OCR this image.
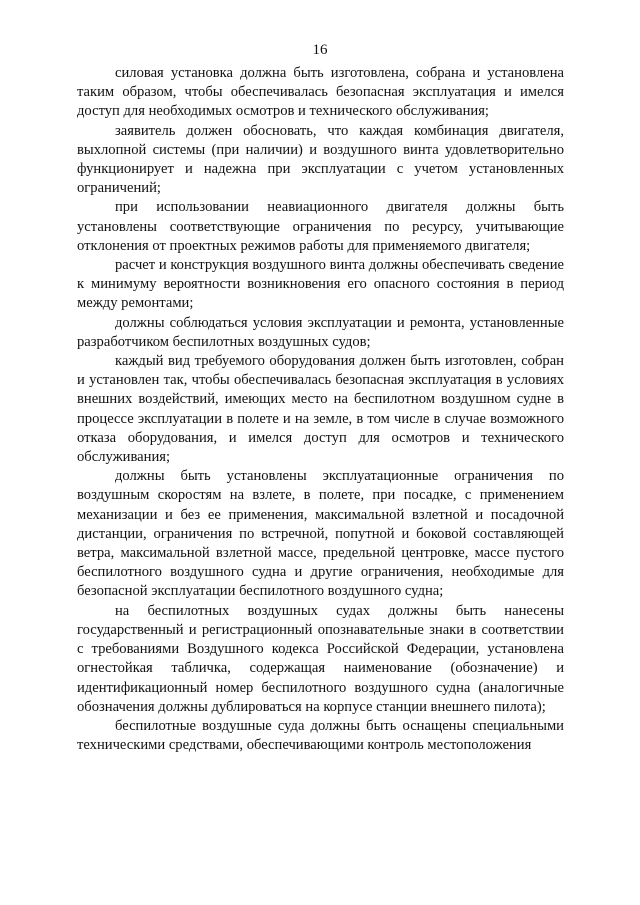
16

силовая установка должна быть изготовлена, собрана и установлена таким образом, чтобы обеспечивалась безопасная эксплуатация и имелся доступ для необходимых осмотров и технического обслуживания;

заявитель должен обосновать, что каждая комбинация двигателя, выхлопной системы (при наличии) и воздушного винта удовлетворительно функционирует и надежна при эксплуатации с учетом установленных ограничений;

при использовании неавиационного двигателя должны быть установлены соответствующие ограничения по ресурсу, учитывающие отклонения от проектных режимов работы для применяемого двигателя;

расчет и конструкция воздушного винта должны обеспечивать сведение к минимуму вероятности возникновения его опасного состояния в период между ремонтами;

должны соблюдаться условия эксплуатации и ремонта, установленные разработчиком беспилотных воздушных судов;

каждый вид требуемого оборудования должен быть изготовлен, собран и установлен так, чтобы обеспечивалась безопасная эксплуатация в условиях внешних воздействий, имеющих место на беспилотном воздушном судне в процессе эксплуатации в полете и на земле, в том числе в случае возможного отказа оборудования, и имелся доступ для осмотров и технического обслуживания;

должны быть установлены эксплуатационные ограничения по воздушным скоростям на взлете, в полете, при посадке, с применением механизации и без ее применения, максимальной взлетной и посадочной дистанции, ограничения по встречной, попутной и боковой составляющей ветра, максимальной взлетной массе, предельной центровке, массе пустого беспилотного воздушного судна и другие ограничения, необходимые для безопасной эксплуатации беспилотного воздушного судна;

на беспилотных воздушных судах должны быть нанесены государственный и регистрационный опознавательные знаки в соответствии с требованиями Воздушного кодекса Российской Федерации, установлена огнестойкая табличка, содержащая наименование (обозначение) и идентификационный номер беспилотного воздушного судна (аналогичные обозначения должны дублироваться на корпусе станции внешнего пилота);

беспилотные воздушные суда должны быть оснащены специальными техническими средствами, обеспечивающими контроль местоположения
